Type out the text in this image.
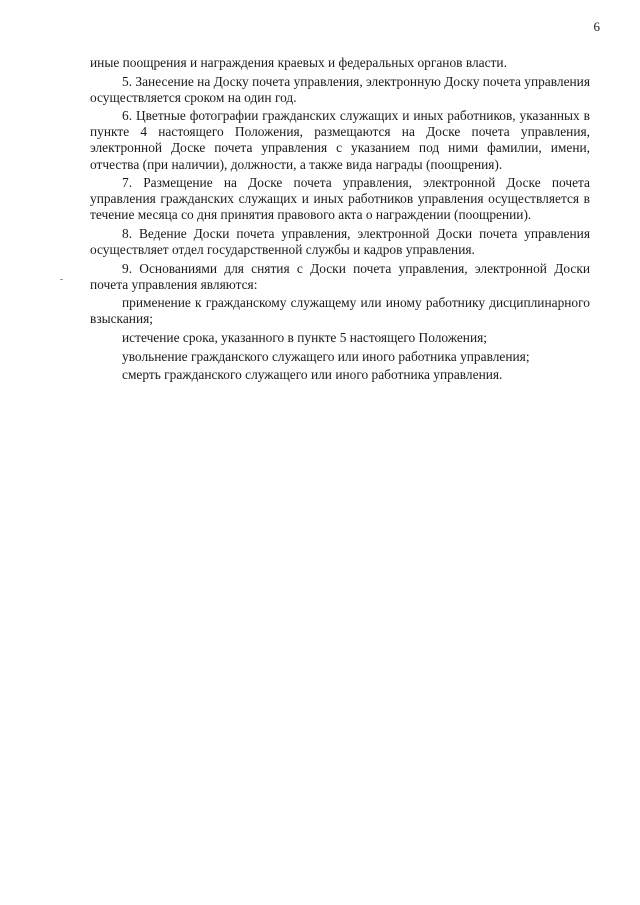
6

иные поощрения и награждения краевых и федеральных органов власти.

5. Занесение на Доску почета управления, электронную Доску почета управления осуществляется сроком на один год.

6. Цветные фотографии гражданских служащих и иных работников, указанных в пункте 4 настоящего Положения, размещаются на Доске почета управления, электронной Доске почета управления с указанием под ними фамилии, имени, отчества (при наличии), должности, а также вида награды (поощрения).

7. Размещение на Доске почета управления, электронной Доске почета управления гражданских служащих и иных работников управления осуществляется в течение месяца со дня принятия правового акта о награждении (поощрении).

8. Ведение Доски почета управления, электронной Доски почета управления осуществляет отдел государственной службы и кадров управления.

9. Основаниями для снятия с Доски почета управления, электронной Доски почета управления являются:

применение к гражданскому служащему или иному работнику дисциплинарного взыскания;

истечение срока, указанного в пункте 5 настоящего Положения;

увольнение гражданского служащего или иного работника управления;

смерть гражданского служащего или иного работника управления.
